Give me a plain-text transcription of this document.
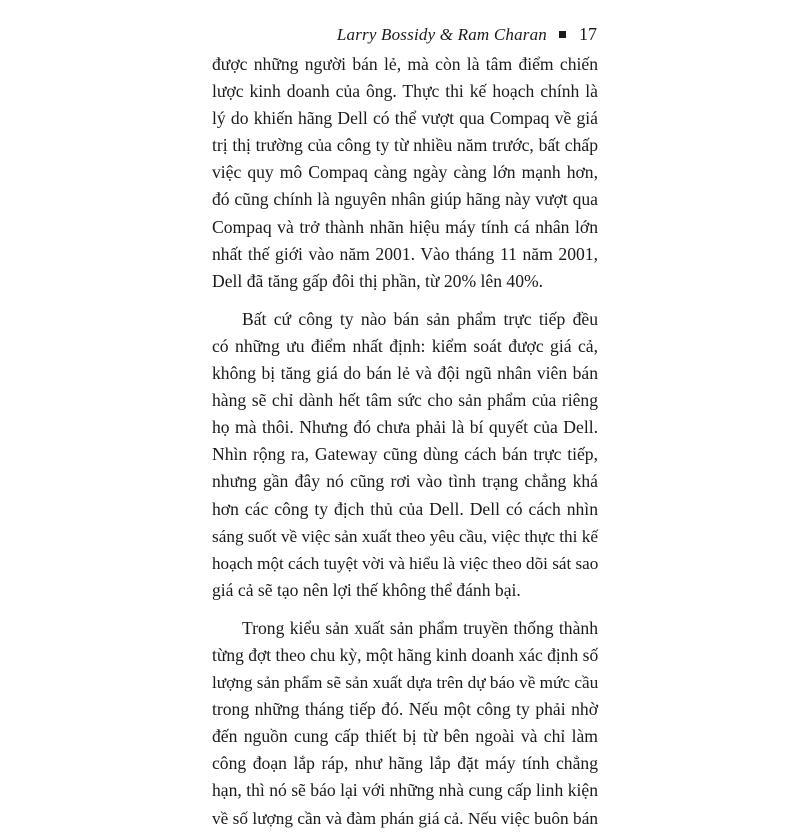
Larry Bossidy & Ram Charan 17
được những người bán lẻ, mà còn là tâm điểm chiến
lược kinh doanh của ông. Thực thi kế hoạch chính là
lý do khiến hãng Dell có thể vượt qua Compaq về giá
trị thị trường của công ty từ nhiều năm trước, bất chấp
việc quy mô Compaq càng ngày càng lớn mạnh hơn,
đó cũng chính là nguyên nhân giúp hãng này vượt qua
Compaq và trở thành nhãn hiệu máy tính cá nhân lớn
nhất thế giới vào năm 2001. Vào tháng 11 năm 2001,
Dell đã tăng gấp đôi thị phần, từ 20% lên 40%.
Bất cứ công ty nào bán sản phẩm trực tiếp đều
có những ưu điểm nhất định: kiểm soát được giá cả,
không bị tăng giá do bán lẻ và đội ngũ nhân viên bán
hàng sẽ chỉ dành hết tâm sức cho sản phẩm của riêng
họ mà thôi. Nhưng đó chưa phải là bí quyết của Dell.
Nhìn rộng ra, Gateway cũng dùng cách bán trực tiếp,
nhưng gần đây nó cũng rơi vào tình trạng chẳng khá
hơn các công ty địch thủ của Dell. Dell có cách nhìn
sáng suốt về việc sản xuất theo yêu cầu, việc thực thi kế
hoạch một cách tuyệt vời và hiểu là việc theo dõi sát sao
giá cả sẽ tạo nên lợi thế không thể đánh bại.
Trong kiểu sản xuất sản phẩm truyền thống thành
từng đợt theo chu kỳ, một hãng kinh doanh xác định số
lượng sản phẩm sẽ sản xuất dựa trên dự báo về mức cầu
trong những tháng tiếp đó. Nếu một công ty phải nhờ
đến nguồn cung cấp thiết bị từ bên ngoài và chỉ làm
công đoạn lắp ráp, như hãng lắp đặt máy tính chẳng
hạn, thì nó sẽ báo lại với những nhà cung cấp linh kiện
về số lượng cần và đàm phán giá cả. Nếu việc buôn bán
